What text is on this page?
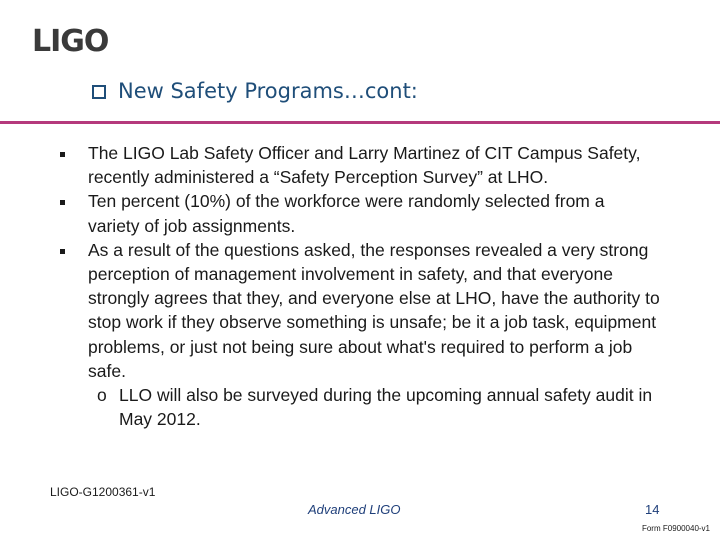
LIGO
New Safety Programs…cont:
The LIGO Lab Safety Officer and Larry Martinez of CIT Campus Safety, recently administered a “Safety Perception Survey” at LHO.
Ten percent (10%) of the workforce were randomly selected from a variety of job assignments.
As a result of the questions asked, the responses revealed a very strong perception of management involvement in safety, and that everyone strongly agrees that they, and everyone else at LHO, have the authority to stop work if they observe something is unsafe; be it a job task, equipment problems, or just not being sure about what's required to perform a job safe.
o LLO will also be surveyed during the upcoming annual safety audit in May 2012.
LIGO-G1200361-v1
Advanced LIGO	14
Form F0900040-v1
